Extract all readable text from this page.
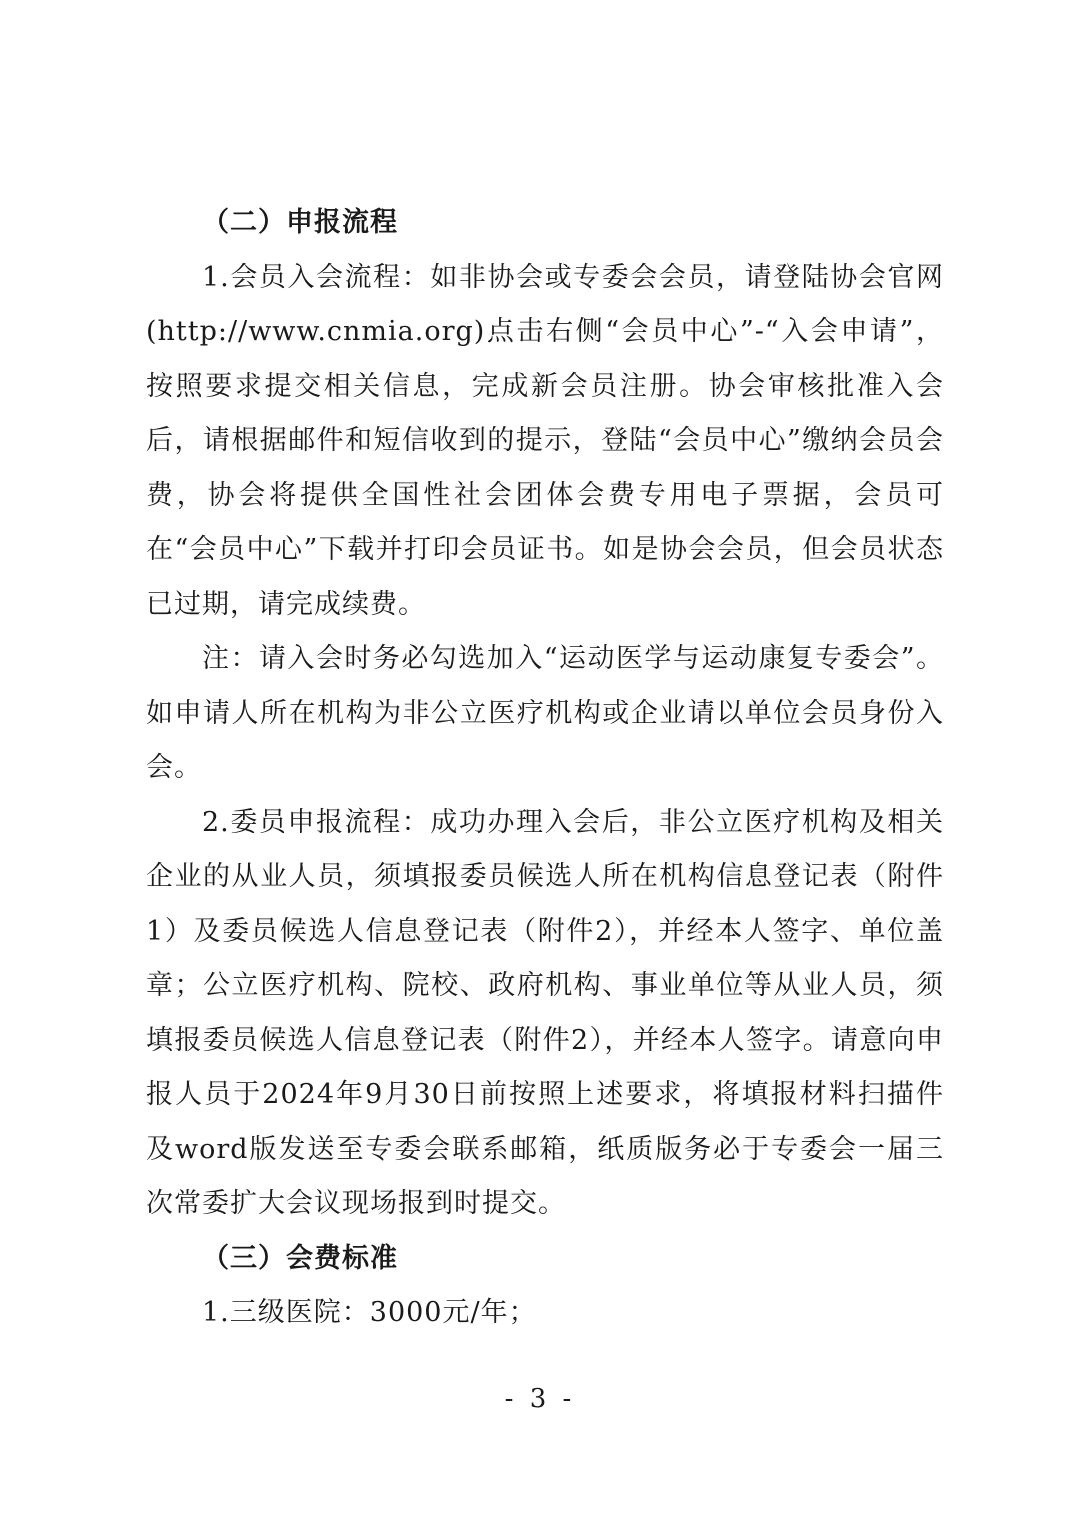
（二）申报流程

1.会员入会流程：如非协会或专委会会员，请登陆协会官网(http://www.cnmia.org)点击右侧“会员中心”-“入会申请”，按照要求提交相关信息，完成新会员注册。协会审核批准入会后，请根据邮件和短信收到的提示，登陆“会员中心”缴纳会员会费，协会将提供全国性社会团体会费专用电子票据，会员可在“会员中心”下载并打印会员证书。如是协会会员，但会员状态已过期，请完成续费。

注：请入会时务必勾选加入“运动医学与运动康复专委会”。如申请人所在机构为非公立医疗机构或企业请以单位会员身份入会。

2.委员申报流程：成功办理入会后，非公立医疗机构及相关企业的从业人员，须填报委员候选人所在机构信息登记表（附件1）及委员候选人信息登记表（附件2），并经本人签字、单位盖章；公立医疗机构、院校、政府机构、事业单位等从业人员，须填报委员候选人信息登记表（附件2），并经本人签字。请意向申报人员于2024年9月30日前按照上述要求，将填报材料扫描件及word版发送至专委会联系邮箱，纸质版务必于专委会一届三次常委扩大会议现场报到时提交。

（三）会费标准

1.三级医院：3000元/年；

- 3 -
